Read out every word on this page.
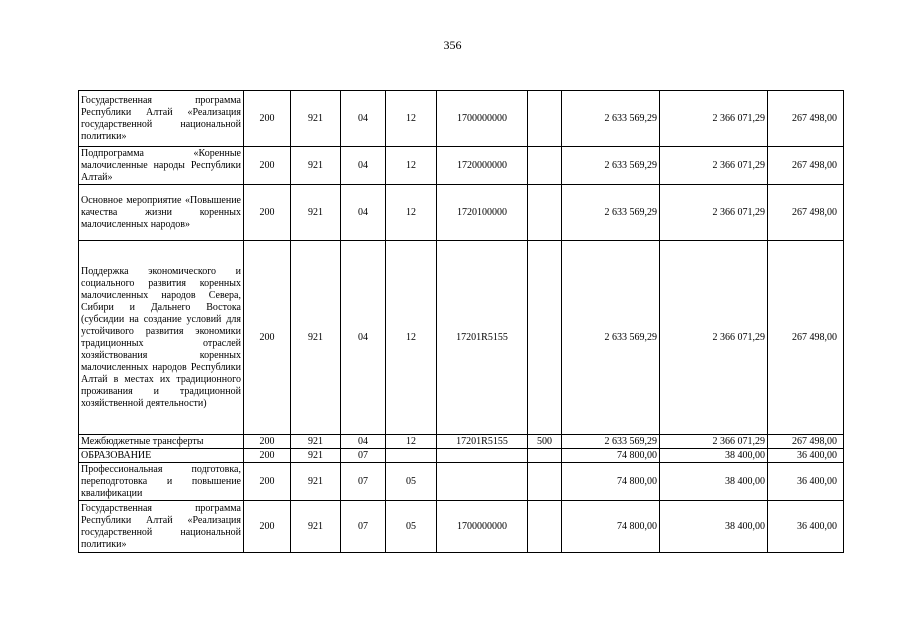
356
Государственная программа Республики Алтай «Реализация государственной национальной политики»	200	921	04	12	1700000000		2 633 569,29	2 366 071,29	267 498,00
Подпрограмма «Коренные малочисленные народы Республики Алтай»	200	921	04	12	1720000000		2 633 569,29	2 366 071,29	267 498,00
Основное мероприятие «Повышение качества жизни коренных малочисленных народов»	200	921	04	12	1720100000		2 633 569,29	2 366 071,29	267 498,00
Поддержка экономического и социального развития коренных малочисленных народов Севера, Сибири и Дальнего Востока (субсидии на создание условий для устойчивого развития экономики традиционных отраслей хозяйствования коренных малочисленных народов Республики Алтай в местах их традиционного проживания и традиционной хозяйственной деятельности)	200	921	04	12	17201R5155		2 633 569,29	2 366 071,29	267 498,00
Межбюджетные трансферты	200	921	04	12	17201R5155	500	2 633 569,29	2 366 071,29	267 498,00
ОБРАЗОВАНИЕ	200	921	07				74 800,00	38 400,00	36 400,00
Профессиональная подготовка, переподготовка и повышение квалификации	200	921	07	05			74 800,00	38 400,00	36 400,00
Государственная программа Республики Алтай «Реализация государственной национальной политики»	200	921	07	05	1700000000		74 800,00	38 400,00	36 400,00
